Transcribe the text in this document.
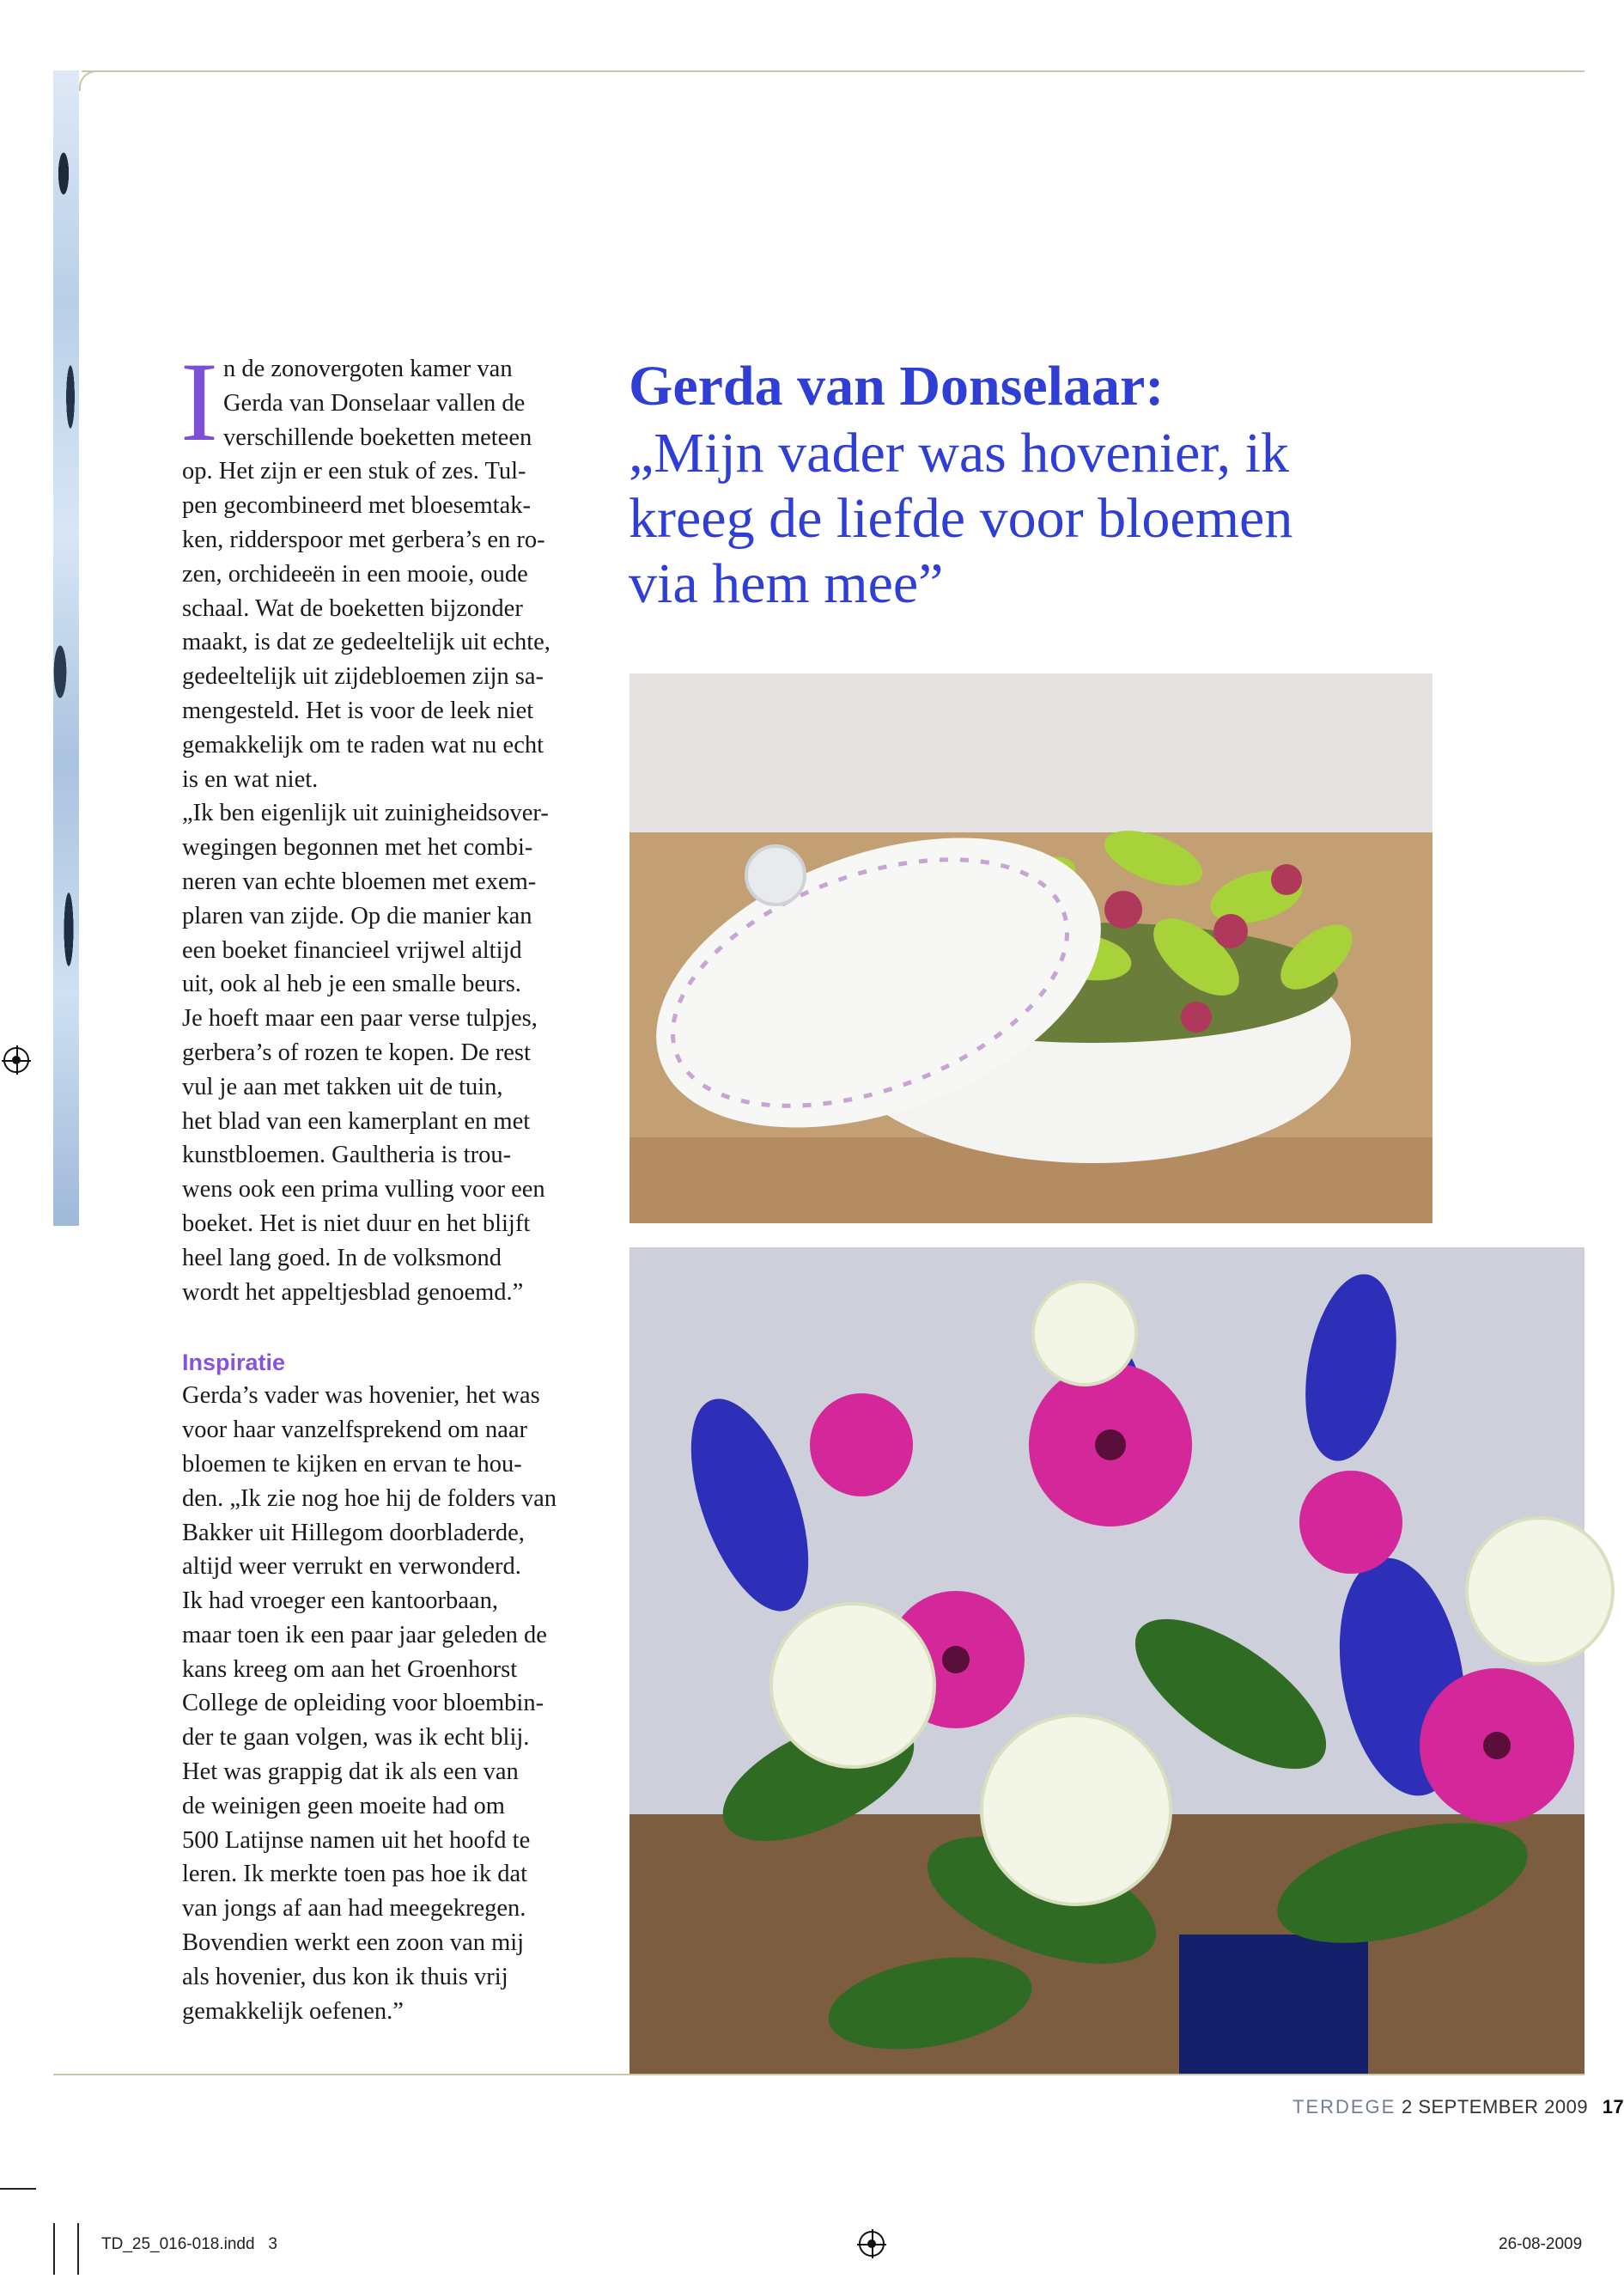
I n de zonovergoten kamer van
Gerda van Donselaar vallen de
verschillende boeketten meteen
op. Het zijn er een stuk of zes. Tul-
pen gecombineerd met bloesemtak-
ken, ridderspoor met gerbera’s en ro-
zen, orchideeën in een mooie, oude
schaal. Wat de boeketten bijzonder
maakt, is dat ze gedeeltelijk uit echte,
gedeeltelijk uit zijdebloemen zijn sa-
mengesteld. Het is voor de leek niet
gemakkelijk om te raden wat nu echt
is en wat niet.

„Ik ben eigenlijk uit zuinigheidsover-
wegingen begonnen met het combi-
neren van echte bloemen met exem-
plaren van zijde. Op die manier kan
een boeket financieel vrijwel altijd
uit, ook al heb je een smalle beurs.
Je hoeft maar een paar verse tulpjes,
gerbera’s of rozen te kopen. De rest
vul je aan met takken uit de tuin,
het blad van een kamerplant en met
kunstbloemen. Gaultheria is trou-
wens ook een prima vulling voor een
boeket. Het is niet duur en het blijft
heel lang goed. In de volksmond
wordt het appeltjesblad genoemd.”

Inspiratie

Gerda’s vader was hovenier, het was
voor haar vanzelfsprekend om naar
bloemen te kijken en ervan te hou-
den. „Ik zie nog hoe hij de folders van
Bakker uit Hillegom doorbladerde,
altijd weer verrukt en verwonderd.
Ik had vroeger een kantoorbaan,
maar toen ik een paar jaar geleden de
kans kreeg om aan het Groenhorst
College de opleiding voor bloembin-
der te gaan volgen, was ik echt blij.
Het was grappig dat ik als een van
de weinigen geen moeite had om
500 Latijnse namen uit het hoofd te
leren. Ik merkte toen pas hoe ik dat
van jongs af aan had meegekregen.
Bovendien werkt een zoon van mij
als hovenier, dus kon ik thuis vrij
gemakkelijk oefenen.”

Gerda van Donselaar:

„Mijn vader was hovenier, ik
kreeg de liefde voor bloemen
via hem mee”

TERDEGE 2 SEPTEMBER 2009 17
TD_25_016-018.indd   3	26-08-2009
